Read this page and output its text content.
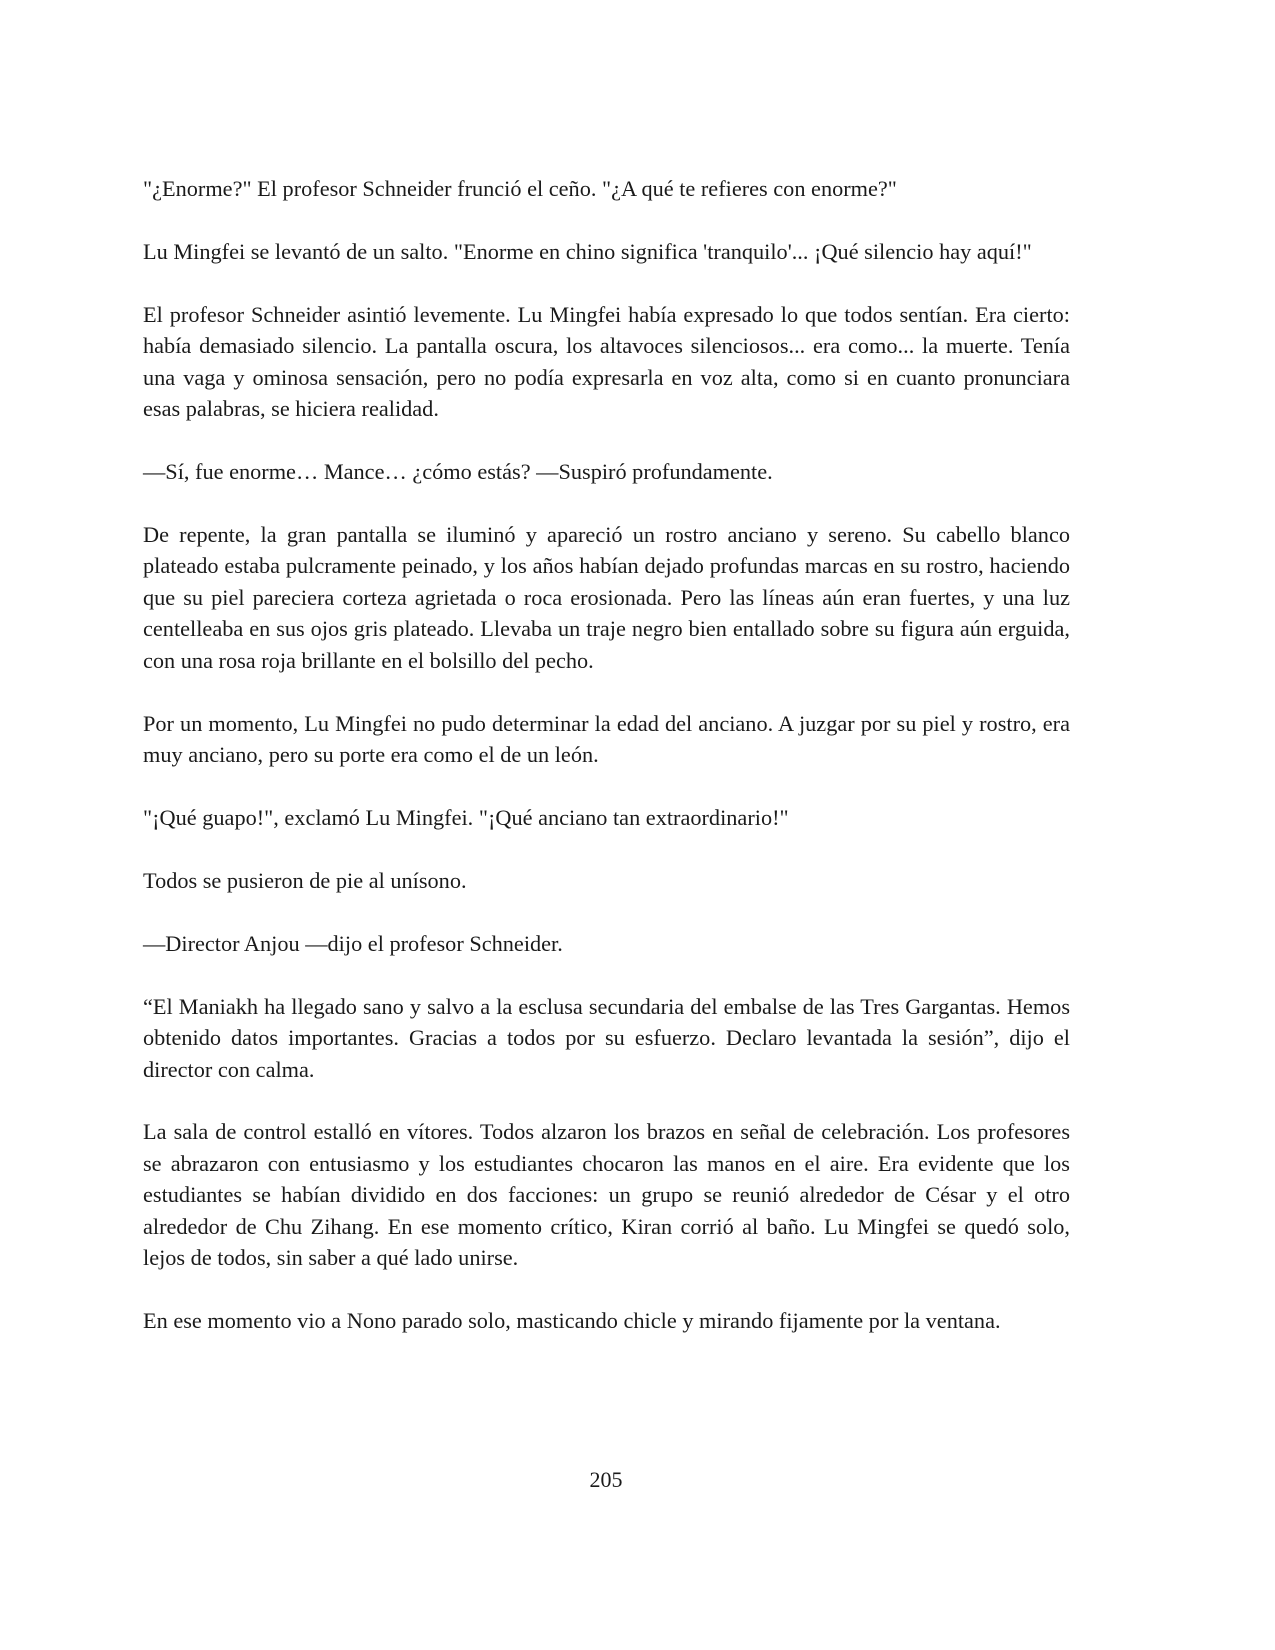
"¿Enorme?" El profesor Schneider frunció el ceño. "¿A qué te refieres con enorme?"

Lu Mingfei se levantó de un salto. "Enorme en chino significa 'tranquilo'... ¡Qué silencio hay aquí!"

El profesor Schneider asintió levemente. Lu Mingfei había expresado lo que todos sentían. Era cierto: había demasiado silencio. La pantalla oscura, los altavoces silenciosos... era como... la muerte. Tenía una vaga y ominosa sensación, pero no podía expresarla en voz alta, como si en cuanto pronunciara esas palabras, se hiciera realidad.

—Sí, fue enorme… Mance… ¿cómo estás? —Suspiró profundamente.

De repente, la gran pantalla se iluminó y apareció un rostro anciano y sereno. Su cabello blanco plateado estaba pulcramente peinado, y los años habían dejado profundas marcas en su rostro, haciendo que su piel pareciera corteza agrietada o roca erosionada. Pero las líneas aún eran fuertes, y una luz centelleaba en sus ojos gris plateado. Llevaba un traje negro bien entallado sobre su figura aún erguida, con una rosa roja brillante en el bolsillo del pecho.

Por un momento, Lu Mingfei no pudo determinar la edad del anciano. A juzgar por su piel y rostro, era muy anciano, pero su porte era como el de un león.

"¡Qué guapo!", exclamó Lu Mingfei. "¡Qué anciano tan extraordinario!"

Todos se pusieron de pie al unísono.

—Director Anjou —dijo el profesor Schneider.

“El Maniakh ha llegado sano y salvo a la esclusa secundaria del embalse de las Tres Gargantas. Hemos obtenido datos importantes. Gracias a todos por su esfuerzo. Declaro levantada la sesión”, dijo el director con calma.

La sala de control estalló en vítores. Todos alzaron los brazos en señal de celebración. Los profesores se abrazaron con entusiasmo y los estudiantes chocaron las manos en el aire. Era evidente que los estudiantes se habían dividido en dos facciones: un grupo se reunió alrededor de César y el otro alrededor de Chu Zihang. En ese momento crítico, Kiran corrió al baño. Lu Mingfei se quedó solo, lejos de todos, sin saber a qué lado unirse.

En ese momento vio a Nono parado solo, masticando chicle y mirando fijamente por la ventana.

205
